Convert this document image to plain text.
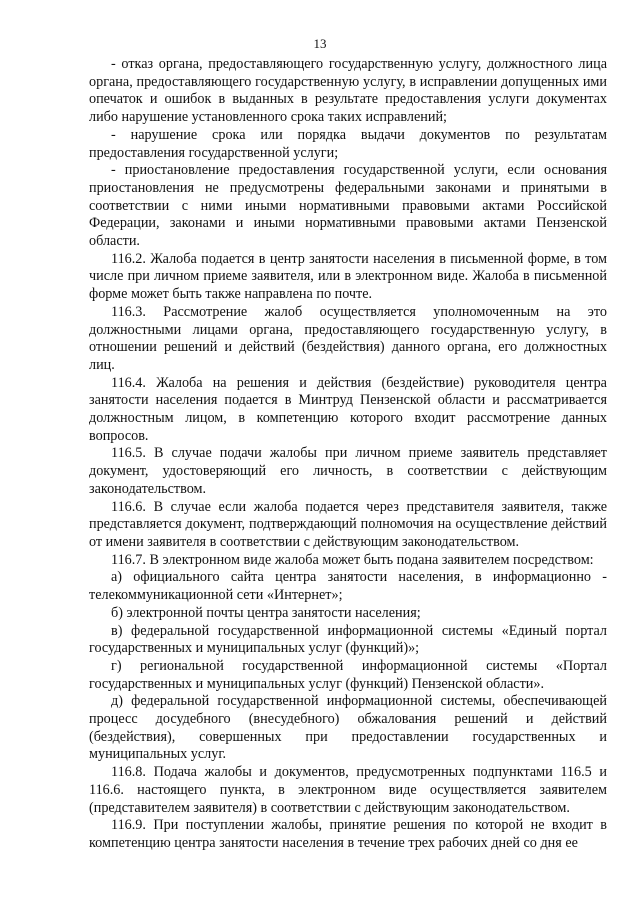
13

- отказ органа, предоставляющего государственную услугу, должностного лица органа, предоставляющего государственную услугу, в исправлении допущенных ими опечаток и ошибок в выданных в результате предоставления услуги документах либо нарушение установленного срока таких исправлений;

- нарушение срока или порядка выдачи документов по результатам предоставления государственной услуги;

- приостановление предоставления государственной услуги, если основания приостановления не предусмотрены федеральными законами и принятыми в соответствии с ними иными нормативными правовыми актами Российской Федерации, законами и иными нормативными правовыми актами Пензенской области.

116.2. Жалоба подается в центр занятости населения в письменной форме, в том числе при личном приеме заявителя, или в электронном виде. Жалоба в письменной форме может быть также направлена по почте.

116.3. Рассмотрение жалоб осуществляется уполномоченным на это должностными лицами органа, предоставляющего государственную услугу, в отношении решений и действий (бездействия) данного органа, его должностных лиц.

116.4. Жалоба на решения и действия (бездействие) руководителя центра занятости населения подается в Минтруд Пензенской области и рассматривается должностным лицом, в компетенцию которого входит рассмотрение данных вопросов.

116.5. В случае подачи жалобы при личном приеме заявитель представляет документ, удостоверяющий его личность, в соответствии с действующим законодательством.

116.6. В случае если жалоба подается через представителя заявителя, также представляется документ, подтверждающий полномочия на осуществление действий от имени заявителя в соответствии с действующим законодательством.

116.7. В электронном виде жалоба может быть подана заявителем посредством:

а) официального сайта центра занятости населения, в информационно - телекоммуникационной сети «Интернет»;

б) электронной почты центра занятости населения;

в) федеральной государственной информационной системы «Единый портал государственных и муниципальных услуг (функций)»;

г) региональной государственной информационной системы «Портал государственных и муниципальных услуг (функций) Пензенской области».

д) федеральной государственной информационной системы, обеспечивающей процесс досудебного (внесудебного) обжалования решений и действий (бездействия), совершенных при предоставлении государственных и муниципальных услуг.

116.8. Подача жалобы и документов, предусмотренных подпунктами 116.5 и 116.6. настоящего пункта, в электронном виде осуществляется заявителем (представителем заявителя) в соответствии с действующим законодательством.

116.9. При поступлении жалобы, принятие решения по которой не входит в компетенцию центра занятости населения в течение трех рабочих дней со дня ее
